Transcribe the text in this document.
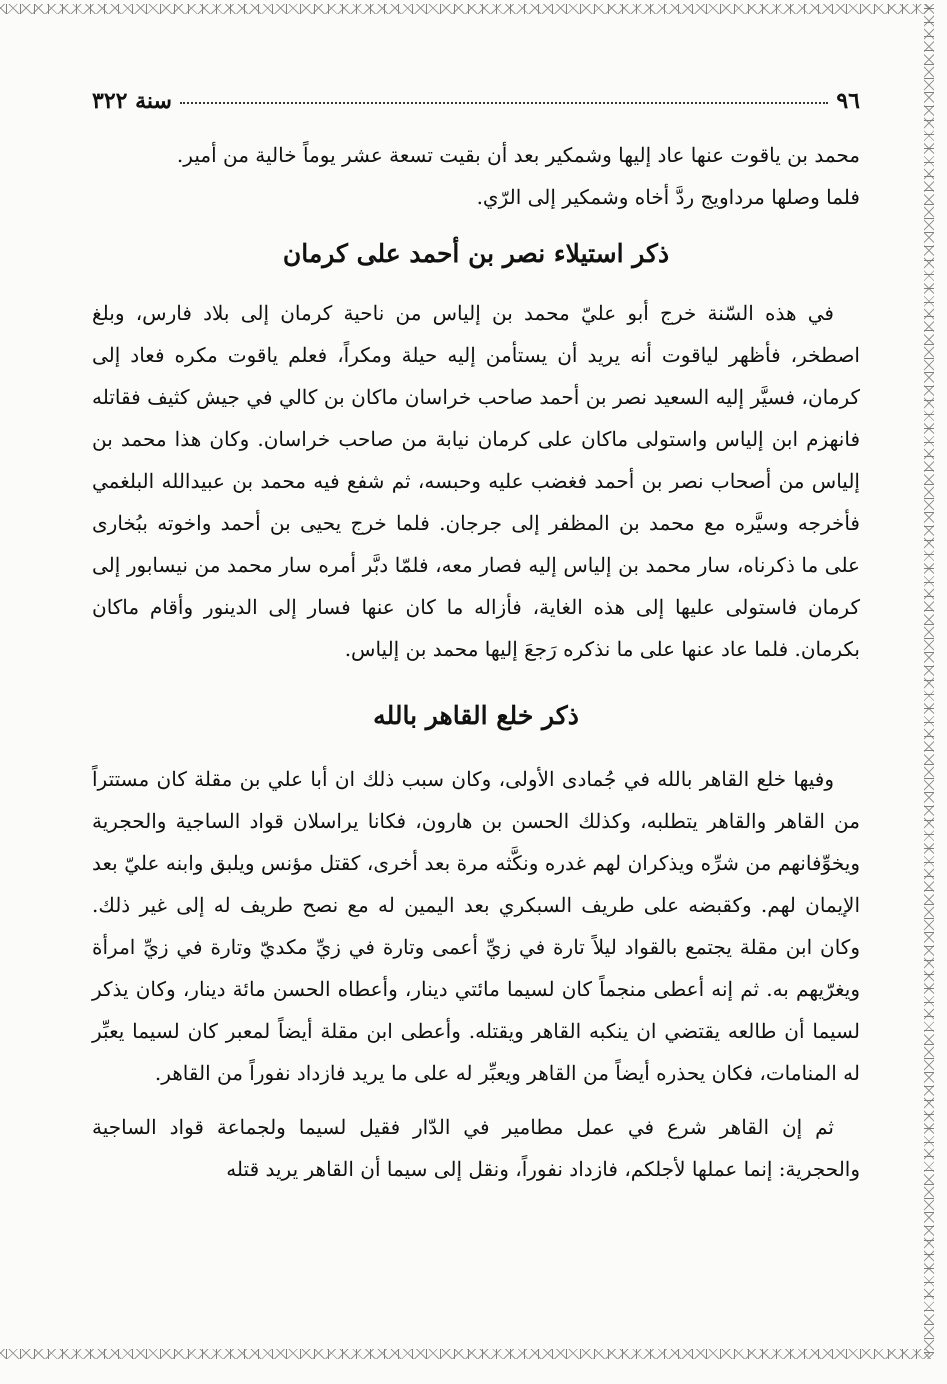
٩٦
سنة ٣٢٢

محمد بن ياقوت عنها عاد إليها وشمكير بعد أن بقيت تسعة عشر يوماً خالية من أمير.

فلما وصلها مرداويج ردَّ أخاه وشمكير إلى الرّي.

ذكر استيلاء نصر بن أحمد على كرمان

في هذه السّنة خرج أبو عليّ محمد بن إلياس من ناحية كرمان إلى بلاد فارس، وبلغ اصطخر، فأظهر لياقوت أنه يريد أن يستأمن إليه حيلة ومكراً، فعلم ياقوت مكره فعاد إلى كرمان، فسيَّر إليه السعيد نصر بن أحمد صاحب خراسان ماكان بن كالي في جيش كثيف فقاتله فانهزم ابن إلياس واستولى ماكان على كرمان نيابة من صاحب خراسان. وكان هذا محمد بن إلياس من أصحاب نصر بن أحمد فغضب عليه وحبسه، ثم شفع فيه محمد بن عبيدالله البلغمي فأخرجه وسيَّره مع محمد بن المظفر إلى جرجان. فلما خرج يحيى بن أحمد واخوته ببُخارى على ما ذكرناه، سار محمد بن إلياس إليه فصار معه، فلمّا دبَّر أمره سار محمد من نيسابور إلى كرمان فاستولى عليها إلى هذه الغاية، فأزاله ما كان عنها فسار إلى الدينور وأقام ماكان بكرمان. فلما عاد عنها على ما نذكره رَجعَ إليها محمد بن إلياس.

ذكر خلع القاهر بالله

وفيها خلع القاهر بالله في جُمادى الأولى، وكان سبب ذلك ان أبا علي بن مقلة كان مستتراً من القاهر والقاهر يتطلبه، وكذلك الحسن بن هارون، فكانا يراسلان قواد الساجية والحجرية ويخوِّفانهم من شرِّه ويذكران لهم غدره ونكَّثه مرة بعد أخرى، كقتل مؤنس ويلبق وابنه عليّ بعد الإيمان لهم. وكقبضه على طريف السبكري بعد اليمين له مع نصح طريف له إلى غير ذلك. وكان ابن مقلة يجتمع بالقواد ليلاً تارة في زيِّ أعمى وتارة في زيِّ مكديّ وتارة في زيِّ امرأة ويغرّيهم به. ثم إنه أعطى منجماً كان لسيما مائتي دينار، وأعطاه الحسن مائة دينار، وكان يذكر لسيما أن طالعه يقتضي ان ينكبه القاهر ويقتله. وأعطى ابن مقلة أيضاً لمعبر كان لسيما يعبِّر له المنامات، فكان يحذره أيضاً من القاهر ويعبِّر له على ما يريد فازداد نفوراً من القاهر.

ثم إن القاهر شرع في عمل مطامير في الدّار فقيل لسيما ولجماعة قواد الساجية والحجرية: إنما عملها لأجلكم، فازداد نفوراً، ونقل إلى سيما أن القاهر يريد قتله
